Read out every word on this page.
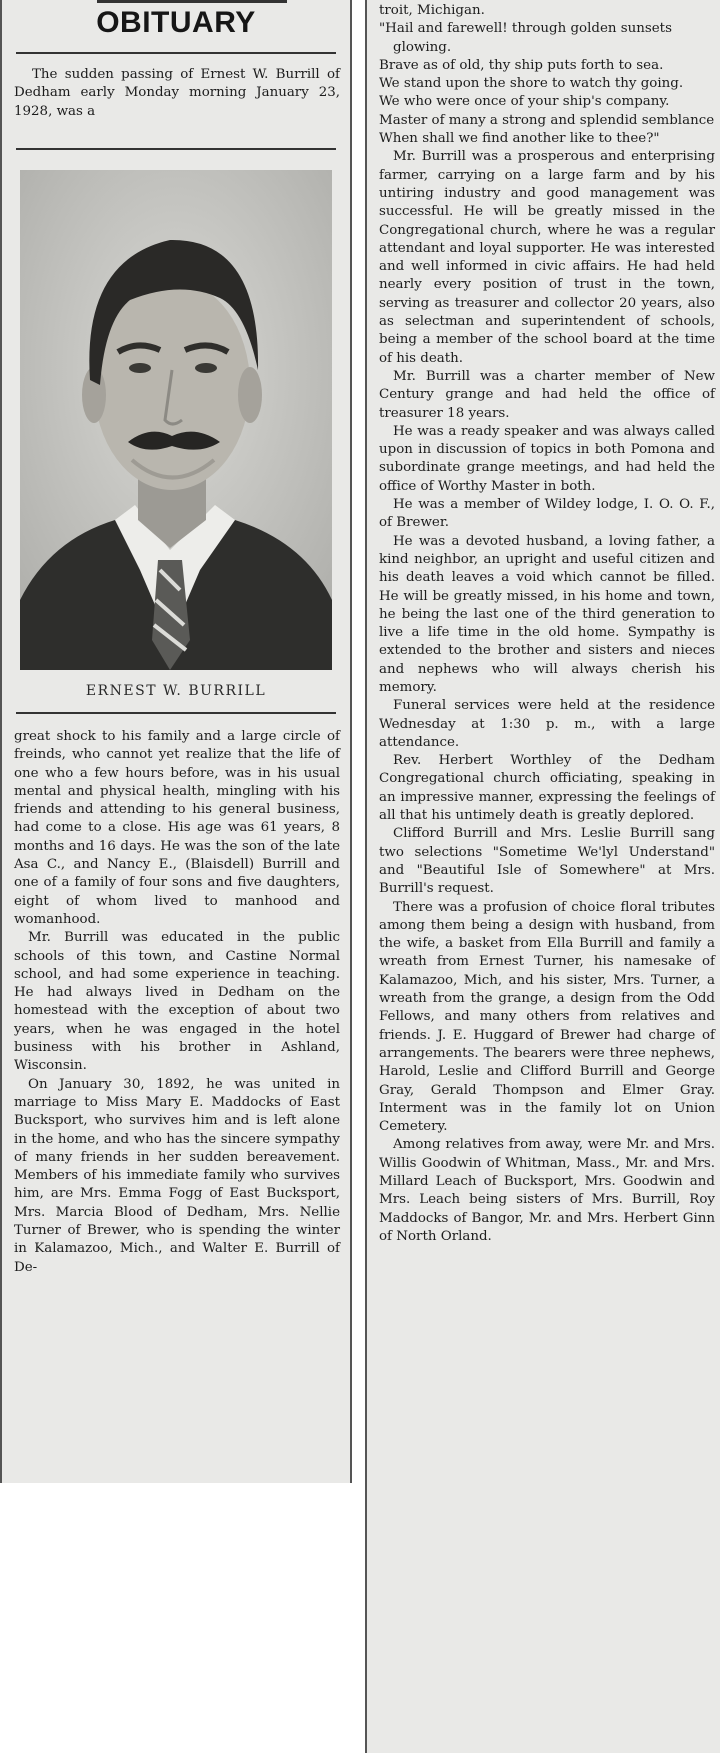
OBITUARY

The sudden passing of Ernest W. Burrill of Dedham early Monday morning January 23, 1928, was a

ERNEST W. BURRILL

great shock to his family and a large circle of freinds, who cannot yet realize that the life of one who a few hours before, was in his usual mental and physical health, mingling with his friends and attending to his general business, had come to a close. His age was 61 years, 8 months and 16 days. He was the son of the late Asa C., and Nancy E., (Blaisdell) Burrill and one of a family of four sons and five daughters, eight of whom lived to manhood and womanhood.

Mr. Burrill was educated in the public schools of this town, and Castine Normal school, and had some experience in teaching. He had always lived in Dedham on the homestead with the exception of about two years, when he was engaged in the hotel business with his brother in Ashland, Wisconsin.

On January 30, 1892, he was united in marriage to Miss Mary E. Maddocks of East Bucksport, who survives him and is left alone in the home, and who has the sincere sympathy of many friends in her sudden bereavement. Members of his immediate family who survives him, are Mrs. Emma Fogg of East Bucksport, Mrs. Marcia Blood of Dedham, Mrs. Nellie Turner of Brewer, who is spending the winter in Kalamazoo, Mich., and Walter E. Burrill of De-

troit, Michigan.

"Hail and farewell! through golden sunsets glowing.

Brave as of old, thy ship puts forth to sea.

We stand upon the shore to watch thy going.

We who were once of your ship's company.

Master of many a strong and splendid semblance

When shall we find another like to thee?"

Mr. Burrill was a prosperous and enterprising farmer, carrying on a large farm and by his untiring industry and good management was successful. He will be greatly missed in the Congregational church, where he was a regular attendant and loyal supporter. He was interested and well informed in civic affairs. He had held nearly every position of trust in the town, serving as treasurer and collector 20 years, also as selectman and superintendent of schools, being a member of the school board at the time of his death.

Mr. Burrill was a charter member of New Century grange and had held the office of treasurer 18 years.

He was a ready speaker and was always called upon in discussion of topics in both Pomona and subordinate grange meetings, and had held the office of Worthy Master in both.

He was a member of Wildey lodge, I. O. O. F., of Brewer.

He was a devoted husband, a loving father, a kind neighbor, an upright and useful citizen and his death leaves a void which cannot be filled. He will be greatly missed, in his home and town, he being the last one of the third generation to live a life time in the old home. Sympathy is extended to the brother and sisters and nieces and nephews who will always cherish his memory.

Funeral services were held at the residence Wednesday at 1:30 p. m., with a large attendance.

Rev. Herbert Worthley of the Dedham Congregational church officiating, speaking in an impressive manner, expressing the feelings of all that his untimely death is greatly deplored.

Clifford Burrill and Mrs. Leslie Burrill sang two selections "Sometime We'lyl Understand" and "Beautiful Isle of Somewhere" at Mrs. Burrill's request.

There was a profusion of choice floral tributes among them being a design with husband, from the wife, a basket from Ella Burrill and family a wreath from Ernest Turner, his namesake of Kalamazoo, Mich, and his sister, Mrs. Turner, a wreath from the grange, a design from the Odd Fellows, and many others from relatives and friends. J. E. Huggard of Brewer had charge of arrangements. The bearers were three nephews, Harold, Leslie and Clifford Burrill and George Gray, Gerald Thompson and Elmer Gray. Interment was in the family lot on Union Cemetery.

Among relatives from away, were Mr. and Mrs. Willis Goodwin of Whitman, Mass., Mr. and Mrs. Millard Leach of Bucksport, Mrs. Goodwin and Mrs. Leach being sisters of Mrs. Burrill, Roy Maddocks of Bangor, Mr. and Mrs. Herbert Ginn of North Orland.
